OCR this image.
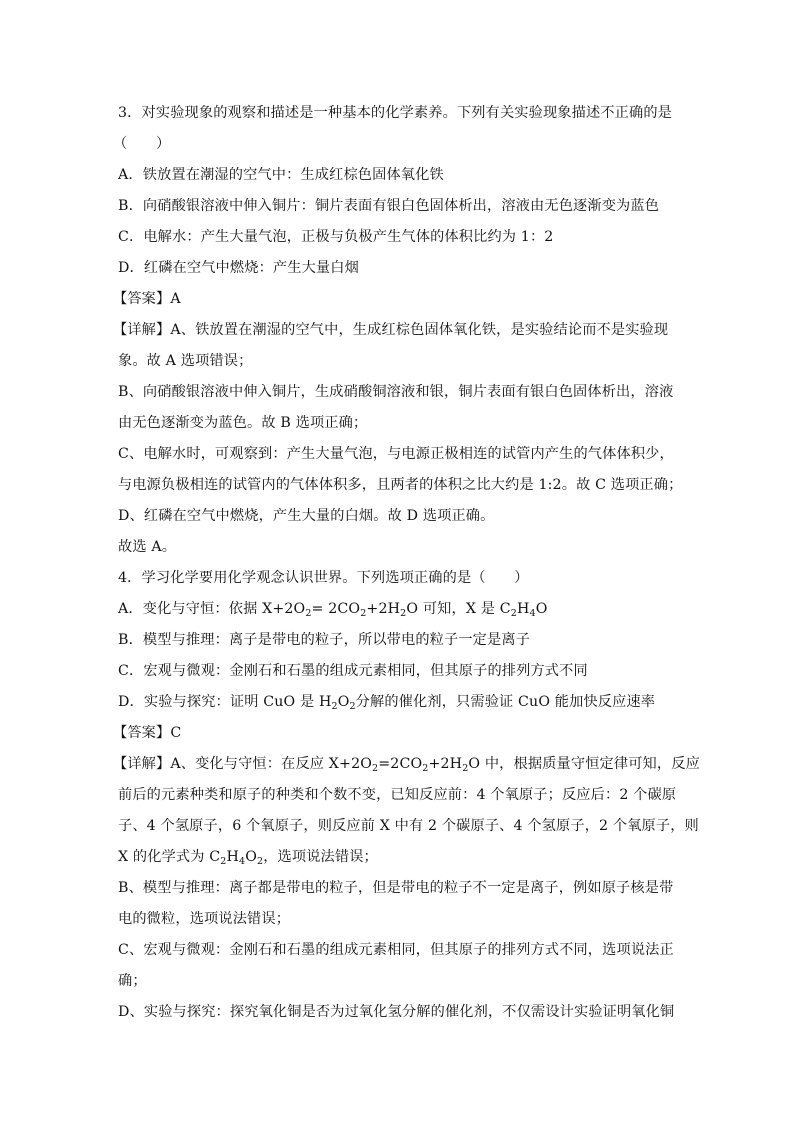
3．对实验现象的观察和描述是一种基本的化学素养。下列有关实验现象描述不正确的是
（　　）
A．铁放置在潮湿的空气中：生成红棕色固体氧化铁
B．向硝酸银溶液中伸入铜片：铜片表面有银白色固体析出，溶液由无色逐渐变为蓝色
C．电解水：产生大量气泡，正极与负极产生气体的体积比约为 1：2
D．红磷在空气中燃烧：产生大量白烟
【答案】A
【详解】A、铁放置在潮湿的空气中，生成红棕色固体氧化铁，是实验结论而不是实验现
象。故 A 选项错误；
B、向硝酸银溶液中伸入铜片，生成硝酸铜溶液和银，铜片表面有银白色固体析出，溶液
由无色逐渐变为蓝色。故 B 选项正确；
C、电解水时，可观察到：产生大量气泡，与电源正极相连的试管内产生的气体体积少，
与电源负极相连的试管内的气体体积多，且两者的体积之比大约是 1:2。故 C 选项正确；
D、红磷在空气中燃烧，产生大量的白烟。故 D 选项正确。
故选 A。
4．学习化学要用化学观念认识世界。下列选项正确的是（　　）
A．变化与守恒：依据 $X+2O_2= 2CO_2+2H_2O$ 可知，X 是 $C_2H_4O$
B．模型与推理：离子是带电的粒子，所以带电的粒子一定是离子
C．宏观与微观：金刚石和石墨的组成元素相同，但其原子的排列方式不同
D．实验与探究：证明 CuO 是 $H_2O_2$分解的催化剂，只需验证 CuO 能加快反应速率
【答案】C
【详解】A、变化与守恒：在反应 $X+2O_2=2CO_2+2H_2O$ 中，根据质量守恒定律可知，反应
前后的元素种类和原子的种类和个数不变，已知反应前：4 个氧原子；反应后：2 个碳原
子、4 个氢原子，6 个氧原子，则反应前 X 中有 2 个碳原子、4 个氢原子，2 个氧原子，则
X 的化学式为 $C_2H_4O_2$，选项说法错误；
B、模型与推理：离子都是带电的粒子，但是带电的粒子不一定是离子，例如原子核是带
电的微粒，选项说法错误；
C、宏观与微观：金刚石和石墨的组成元素相同，但其原子的排列方式不同，选项说法正
确；
D、实验与探究：探究氧化铜是否为过氧化氢分解的催化剂，不仅需设计实验证明氧化铜
